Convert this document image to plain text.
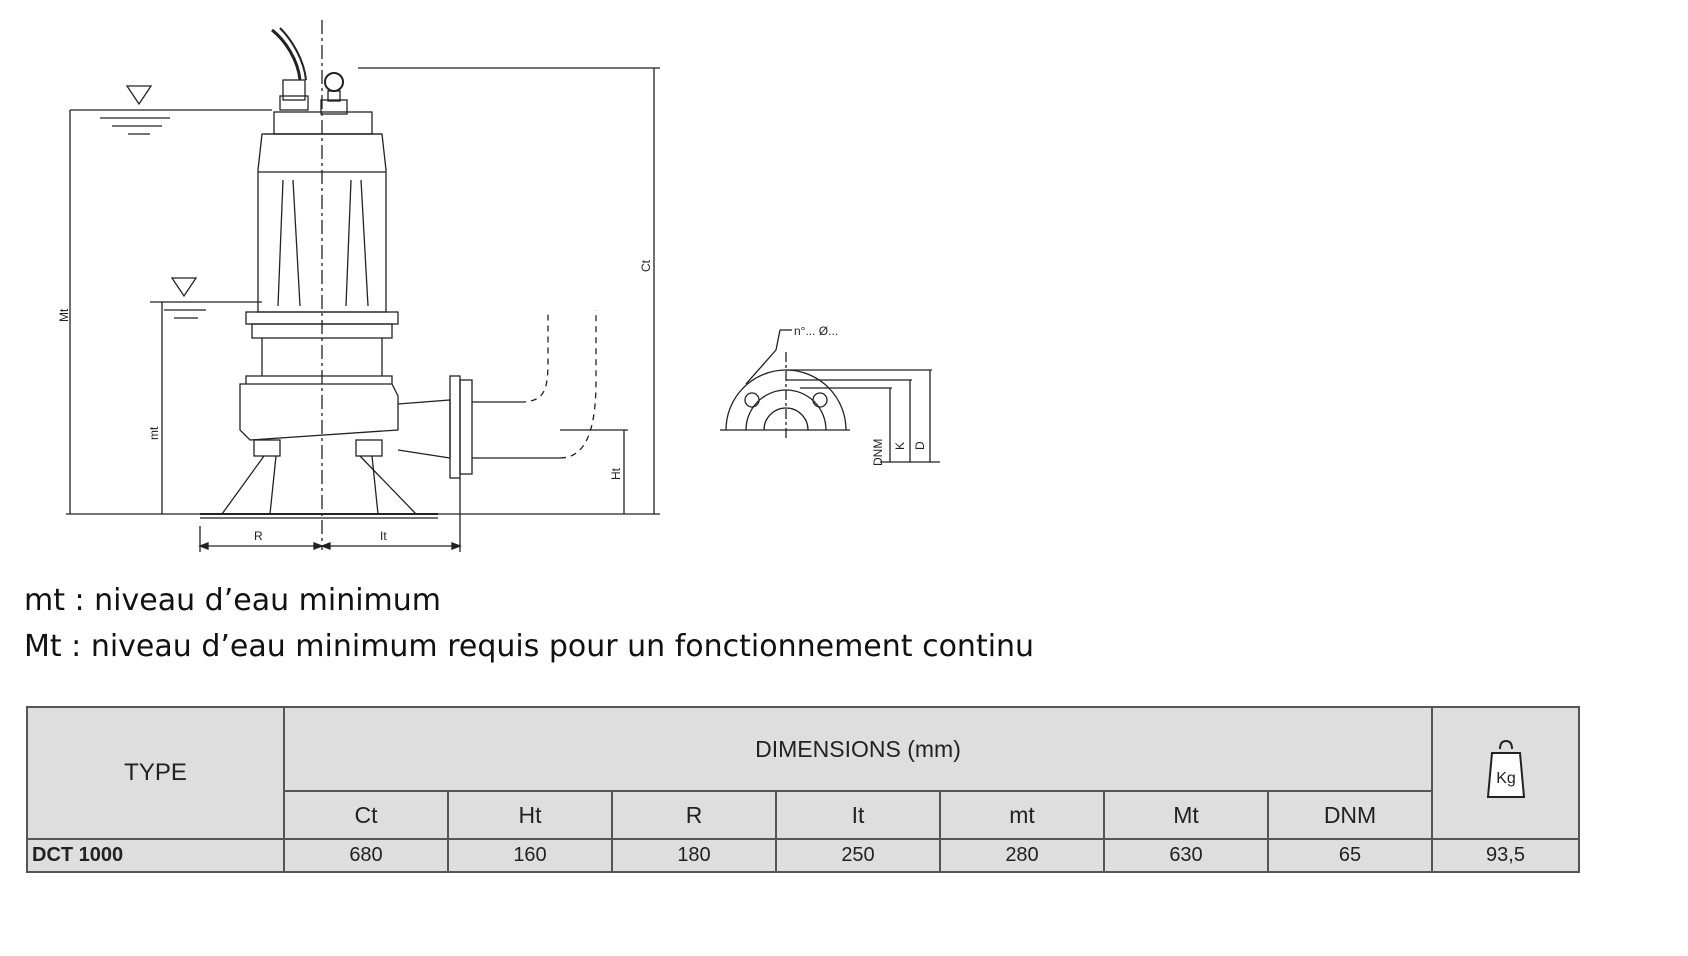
Mt
mt
Ct
Ht
R	It
n°... Ø...
DNM K D
mt : niveau d’eau minimum
Mt : niveau d’eau minimum requis pour un fonctionnement continu
TYPE	DIMENSIONS (mm)							Kg

	Ct	Ht	R	It	mt	Mt	DNM	
DCT 1000	680	160	180	250	280	630	65	93,5
